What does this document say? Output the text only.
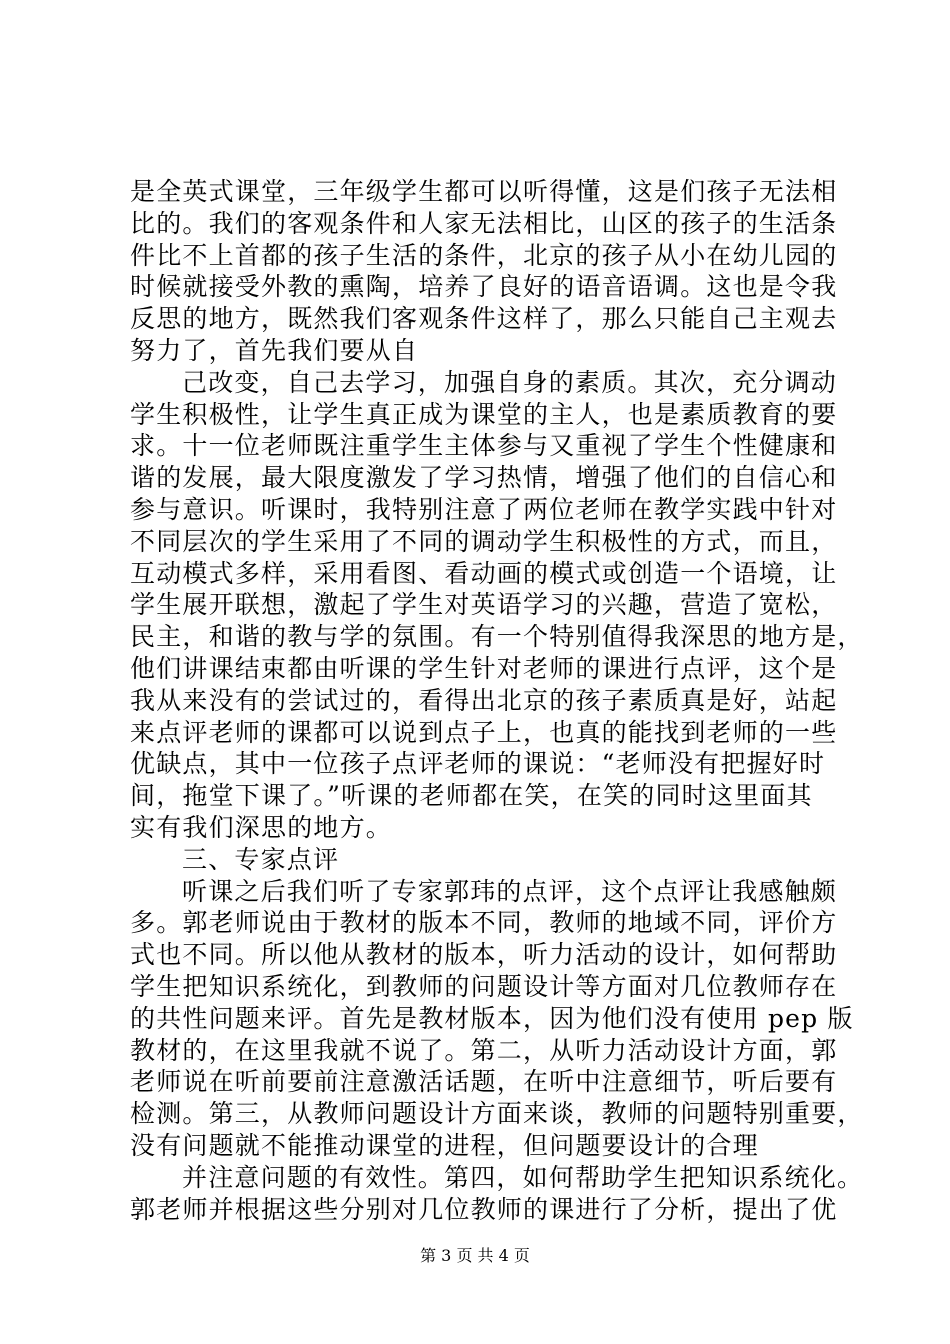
是全英式课堂，三年级学生都可以听得懂，这是们孩子无法相
比的。我们的客观条件和人家无法相比，山区的孩子的生活条
件比不上首都的孩子生活的条件，北京的孩子从小在幼儿园的
时候就接受外教的熏陶，培养了良好的语音语调。这也是令我
反思的地方，既然我们客观条件这样了，那么只能自己主观去
努力了，首先我们要从自
己改变，自己去学习，加强自身的素质。其次，充分调动
学生积极性，让学生真正成为课堂的主人，也是素质教育的要
求。十一位老师既注重学生主体参与又重视了学生个性健康和
谐的发展，最大限度激发了学习热情，增强了他们的自信心和
参与意识。听课时，我特别注意了两位老师在教学实践中针对
不同层次的学生采用了不同的调动学生积极性的方式，而且，
互动模式多样，采用看图、看动画的模式或创造一个语境，让
学生展开联想，激起了学生对英语学习的兴趣，营造了宽松，
民主，和谐的教与学的氛围。有一个特别值得我深思的地方是，
他们讲课结束都由听课的学生针对老师的课进行点评，这个是
我从来没有的尝试过的，看得出北京的孩子素质真是好，站起
来点评老师的课都可以说到点子上，也真的能找到老师的一些
优缺点，其中一位孩子点评老师的课说：“老师没有把握好时
间，拖堂下课了。”听课的老师都在笑，在笑的同时这里面其
实有我们深思的地方。
三、专家点评
听课之后我们听了专家郭玮的点评，这个点评让我感触颇
多。郭老师说由于教材的版本不同，教师的地域不同，评价方
式也不同。所以他从教材的版本，听力活动的设计，如何帮助
学生把知识系统化，到教师的问题设计等方面对几位教师存在
的共性问题来评。首先是教材版本，因为他们没有使用 pep 版
教材的，在这里我就不说了。第二，从听力活动设计方面，郭
老师说在听前要前注意激活话题，在听中注意细节，听后要有
检测。第三，从教师问题设计方面来谈，教师的问题特别重要，
没有问题就不能推动课堂的进程，但问题要设计的合理
并注意问题的有效性。第四，如何帮助学生把知识系统化。
郭老师并根据这些分别对几位教师的课进行了分析，提出了优
第 3 页 共 4 页
